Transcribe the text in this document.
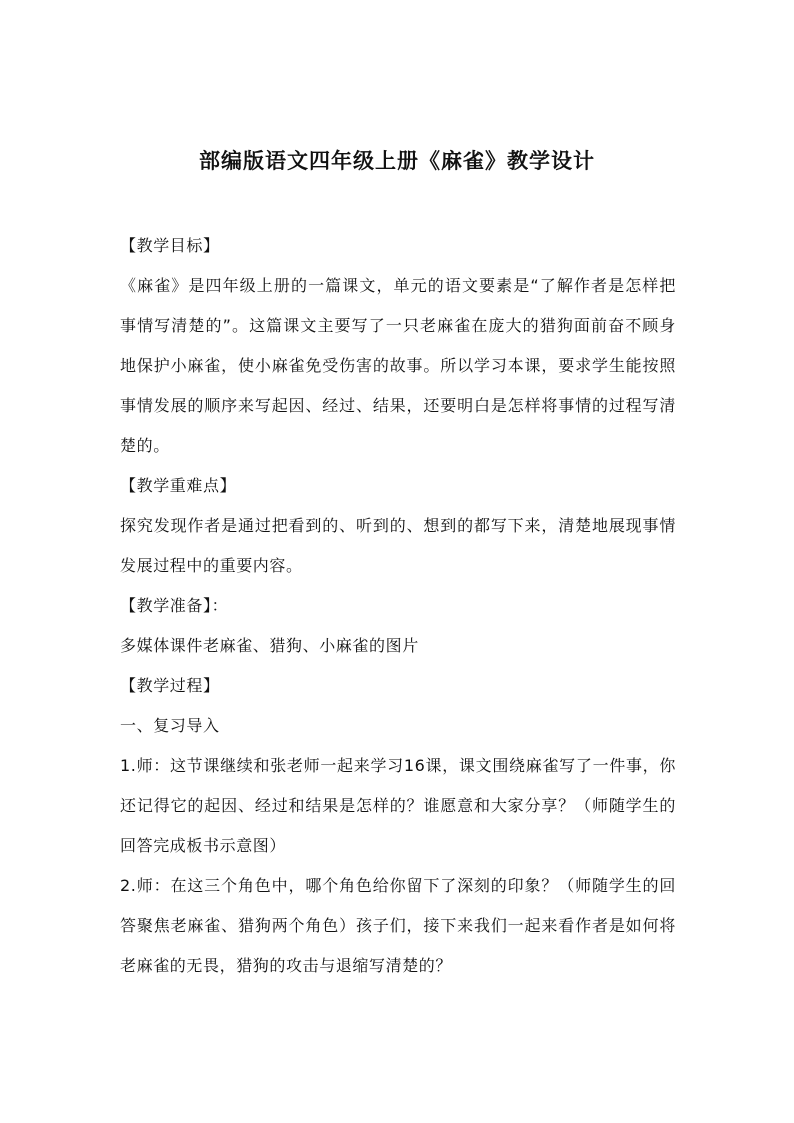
部编版语文四年级上册《麻雀》教学设计

【教学目标】

《麻雀》是四年级上册的一篇课文，单元的语文要素是“了解作者是怎样把事情写清楚的”。这篇课文主要写了一只老麻雀在庞大的猎狗面前奋不顾身地保护小麻雀，使小麻雀免受伤害的故事。所以学习本课，要求学生能按照事情发展的顺序来写起因、经过、结果，还要明白是怎样将事情的过程写清楚的。

【教学重难点】

探究发现作者是通过把看到的、听到的、想到的都写下来，清楚地展现事情发展过程中的重要内容。

【教学准备】：

多媒体课件老麻雀、猎狗、小麻雀的图片

【教学过程】

一、复习导入

1.师：这节课继续和张老师一起来学习16课，课文围绕麻雀写了一件事，你还记得它的起因、经过和结果是怎样的？谁愿意和大家分享？（师随学生的回答完成板书示意图）

2.师：在这三个角色中，哪个角色给你留下了深刻的印象？（师随学生的回答聚焦老麻雀、猎狗两个角色）孩子们，接下来我们一起来看作者是如何将老麻雀的无畏，猎狗的攻击与退缩写清楚的？
